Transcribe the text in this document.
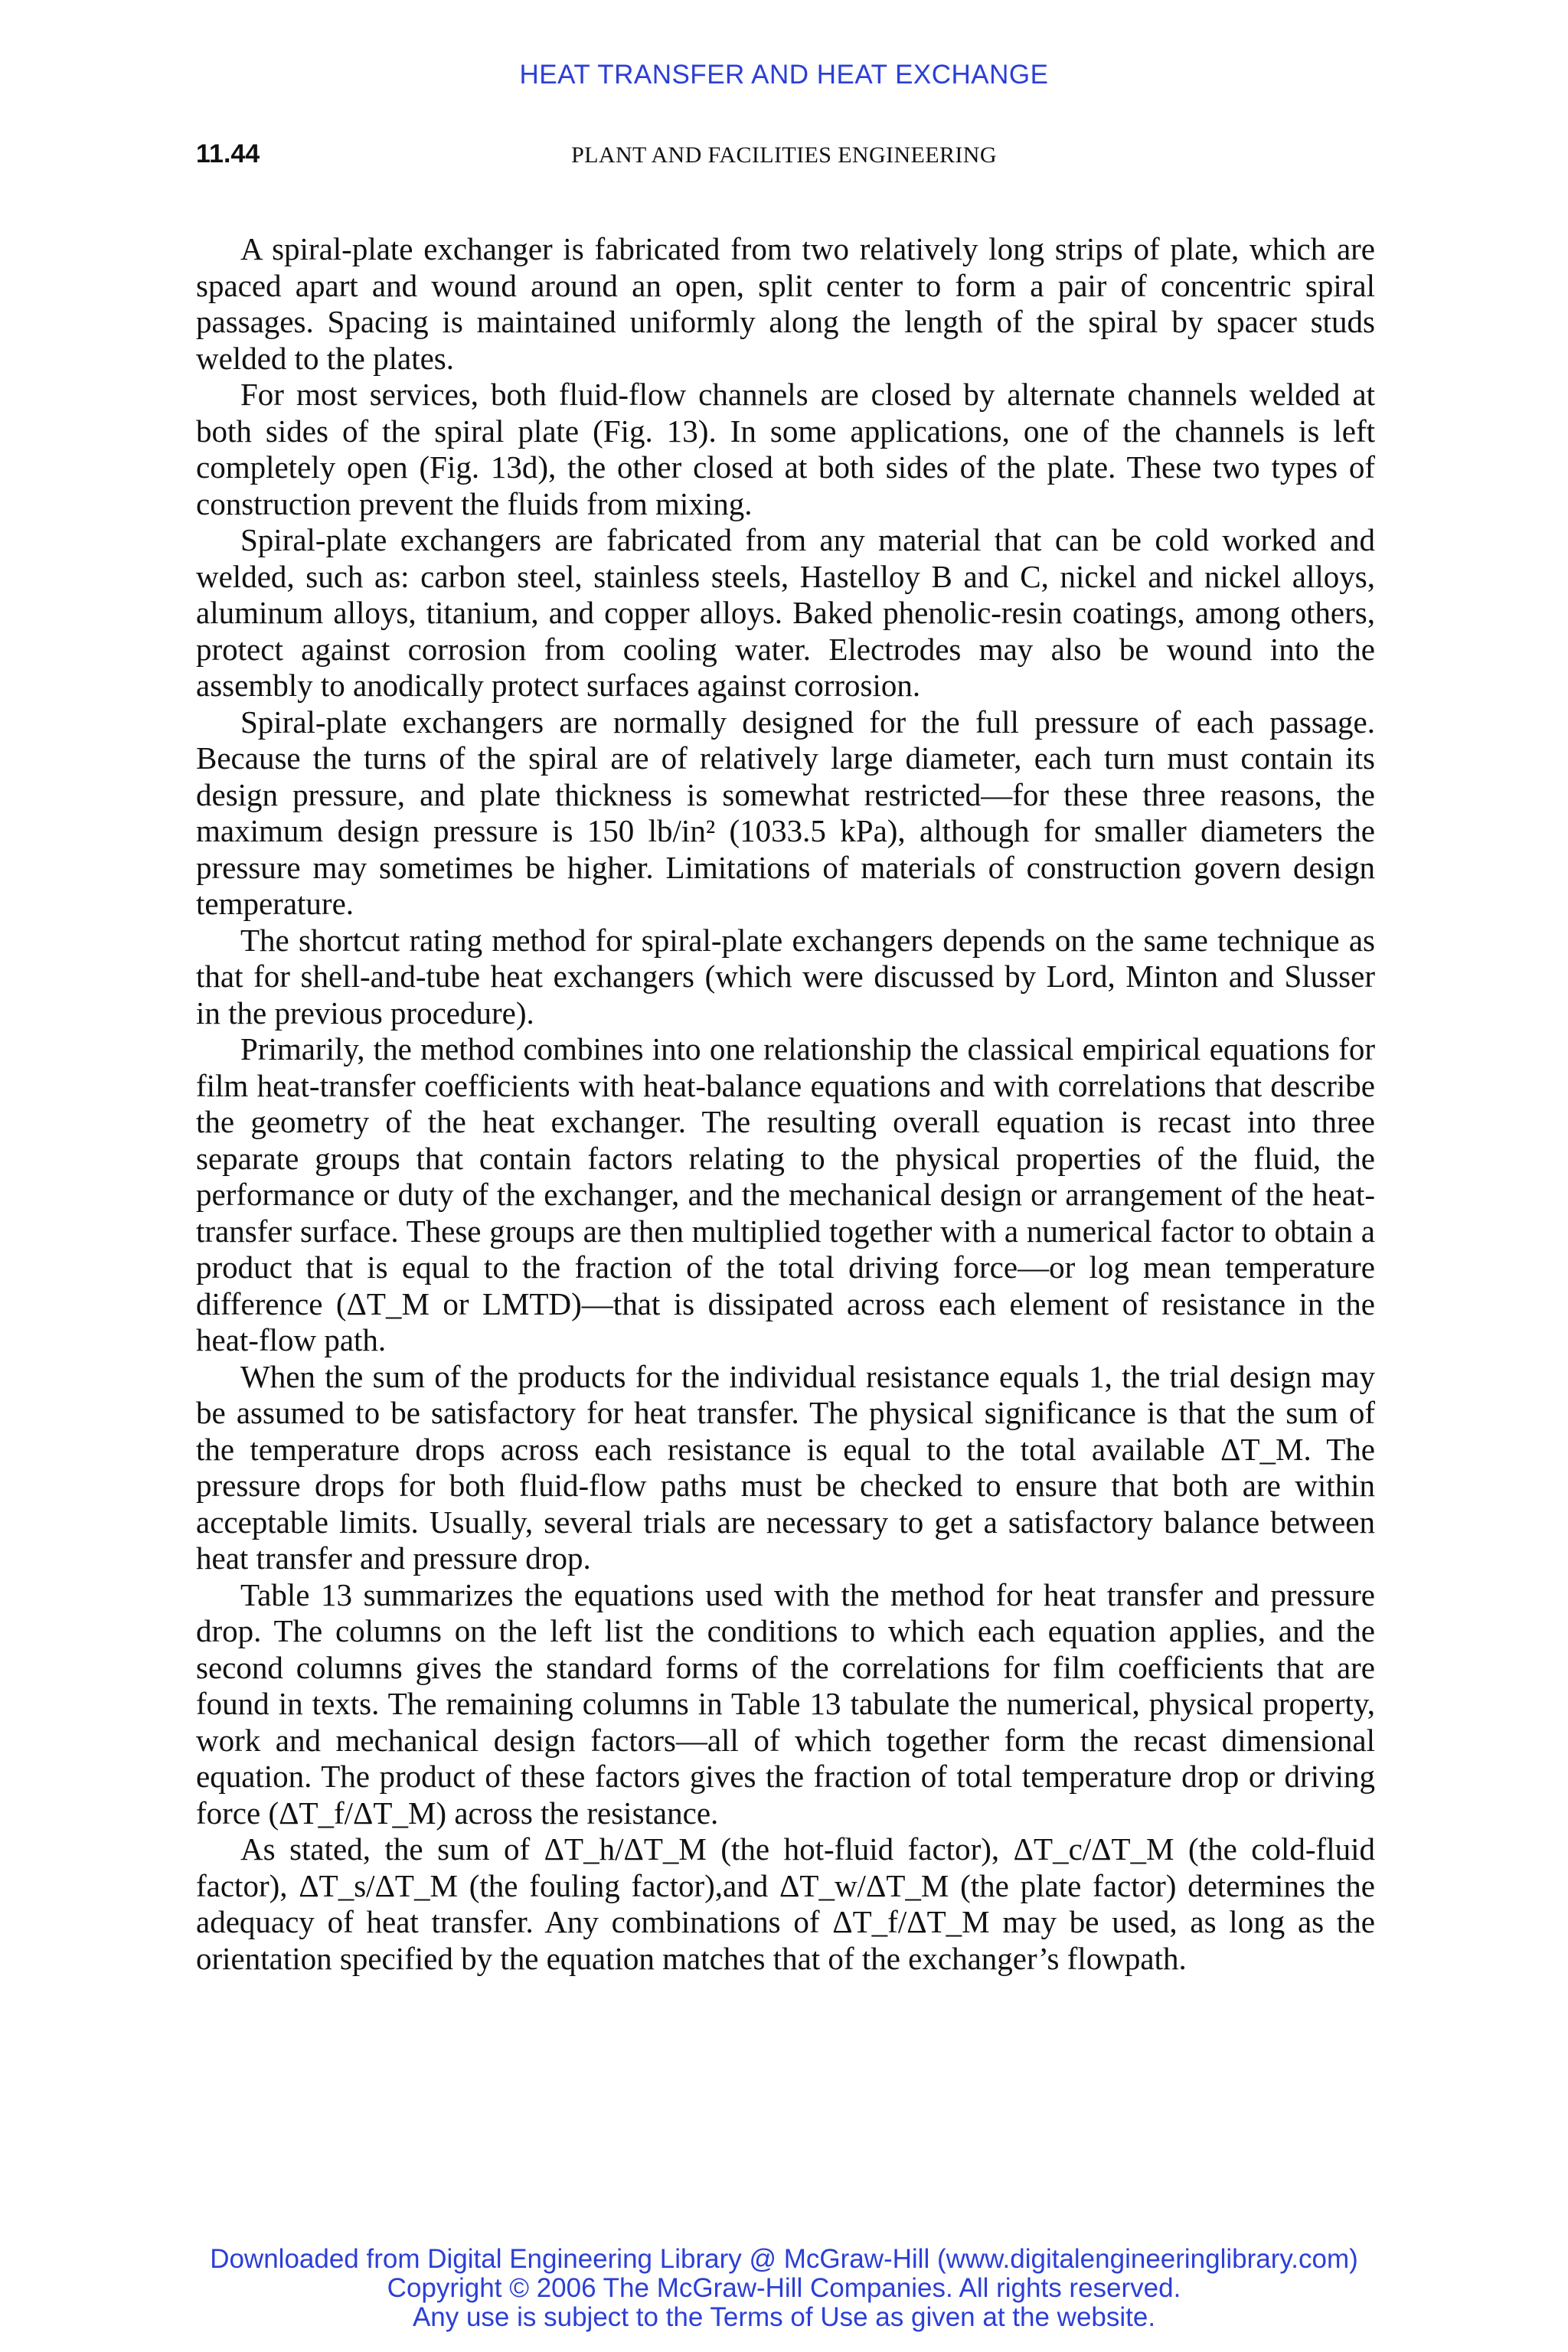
HEAT TRANSFER AND HEAT EXCHANGE
11.44	PLANT AND FACILITIES ENGINEERING

A spiral-plate exchanger is fabricated from two relatively long strips of plate, which are spaced apart and wound around an open, split center to form a pair of concentric spiral passages. Spacing is maintained uniformly along the length of the spiral by spacer studs welded to the plates.

For most services, both fluid-flow channels are closed by alternate channels welded at both sides of the spiral plate (Fig. 13). In some applications, one of the channels is left completely open (Fig. 13d), the other closed at both sides of the plate. These two types of construction prevent the fluids from mixing.

Spiral-plate exchangers are fabricated from any material that can be cold worked and welded, such as: carbon steel, stainless steels, Hastelloy B and C, nickel and nickel alloys, aluminum alloys, titanium, and copper alloys. Baked phenolic-resin coatings, among others, protect against corrosion from cooling water. Electrodes may also be wound into the assembly to anodically protect surfaces against corrosion.

Spiral-plate exchangers are normally designed for the full pressure of each passage. Because the turns of the spiral are of relatively large diameter, each turn must contain its design pressure, and plate thickness is somewhat restricted—for these three reasons, the maximum design pressure is 150 lb/in² (1033.5 kPa), although for smaller diameters the pressure may sometimes be higher. Limitations of materials of construction govern design temperature.

The shortcut rating method for spiral-plate exchangers depends on the same technique as that for shell-and-tube heat exchangers (which were discussed by Lord, Minton and Slusser in the previous procedure).

Primarily, the method combines into one relationship the classical empirical equations for film heat-transfer coefficients with heat-balance equations and with correlations that describe the geometry of the heat exchanger. The resulting overall equation is recast into three separate groups that contain factors relating to the physical properties of the fluid, the performance or duty of the exchanger, and the mechanical design or arrangement of the heat-transfer surface. These groups are then multiplied together with a numerical factor to obtain a product that is equal to the fraction of the total driving force—or log mean temperature difference (ΔT_M or LMTD)—that is dissipated across each element of resistance in the heat-flow path.

When the sum of the products for the individual resistance equals 1, the trial design may be assumed to be satisfactory for heat transfer. The physical significance is that the sum of the temperature drops across each resistance is equal to the total available ΔT_M. The pressure drops for both fluid-flow paths must be checked to ensure that both are within acceptable limits. Usually, several trials are necessary to get a satisfactory balance between heat transfer and pressure drop.

Table 13 summarizes the equations used with the method for heat transfer and pressure drop. The columns on the left list the conditions to which each equation applies, and the second columns gives the standard forms of the correlations for film coefficients that are found in texts. The remaining columns in Table 13 tabulate the numerical, physical property, work and mechanical design factors—all of which together form the recast dimensional equation. The product of these factors gives the fraction of total temperature drop or driving force (ΔT_f/ΔT_M) across the resistance.

As stated, the sum of ΔT_h/ΔT_M (the hot-fluid factor), ΔT_c/ΔT_M (the cold-fluid factor), ΔT_s/ΔT_M (the fouling factor),and ΔT_w/ΔT_M (the plate factor) determines the adequacy of heat transfer. Any combinations of ΔT_f/ΔT_M may be used, as long as the orientation specified by the equation matches that of the exchanger’s flowpath.

Downloaded from Digital Engineering Library @ McGraw-Hill (www.digitalengineeringlibrary.com)
Copyright © 2006 The McGraw-Hill Companies. All rights reserved.
Any use is subject to the Terms of Use as given at the website.
